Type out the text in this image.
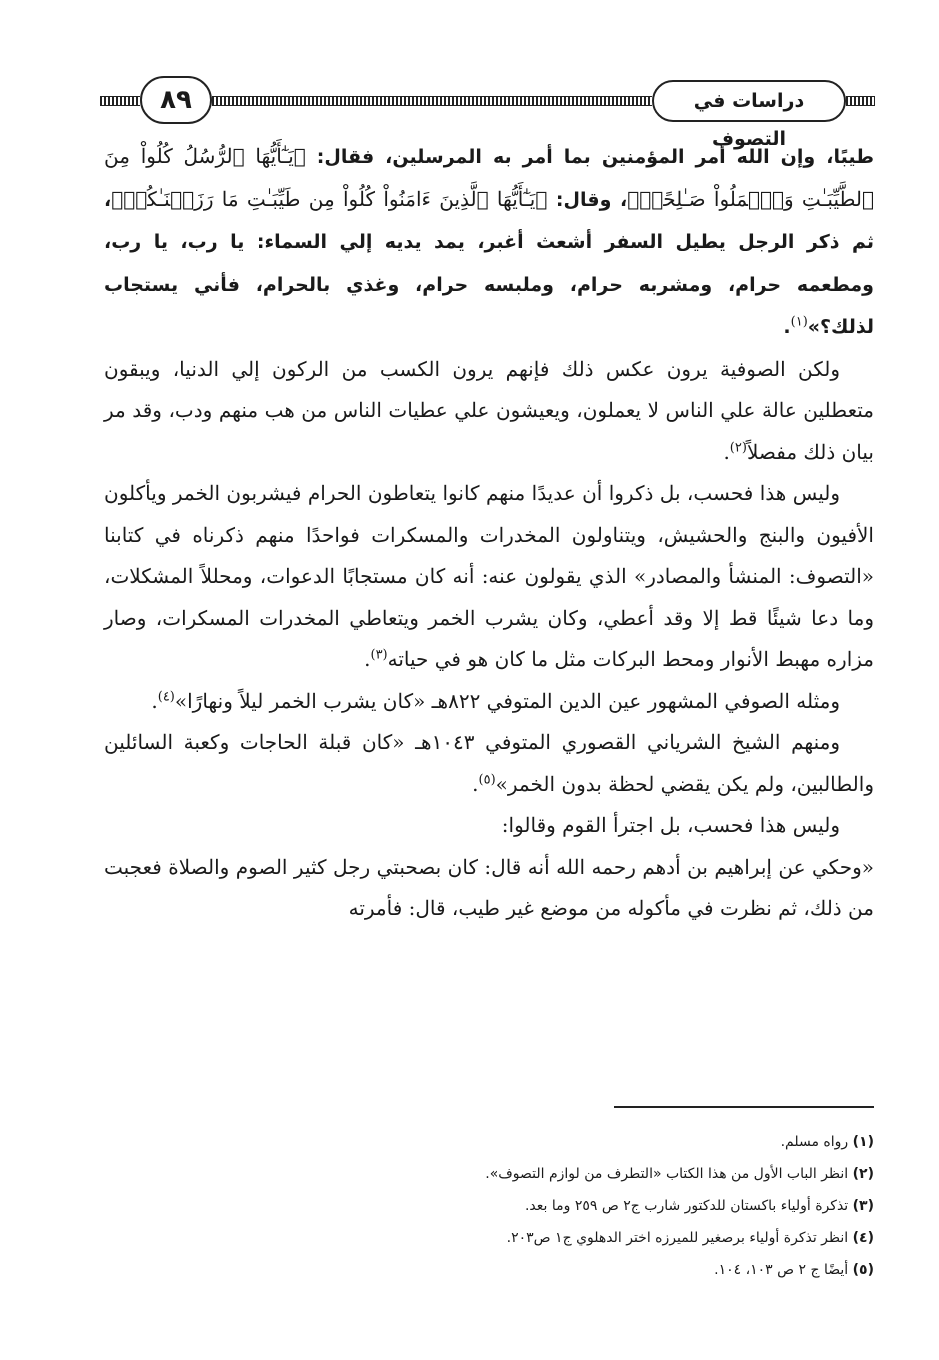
٨٩	دراسات في التصوف

طيبًا، وإن الله أمر المؤمنين بما أمر به المرسلين، فقال: ﴿يَـٰٓأَيُّهَا ٱلرُّسُلُ كُلُواْ مِنَ ٱلطَّيِّبَـٰتِ وَٱعۡمَلُواْ صَـٰلِحًاۖ﴾، وقال: ﴿يَـٰٓأَيُّهَا ٱلَّذِينَ ءَامَنُواْ كُلُواْ مِن طَيِّبَـٰتِ مَا رَزَقۡنَـٰكُمۡ﴾، ثم ذكر الرجل يطيل السفر أشعث أغبر، يمد يديه إلي السماء: يا رب، يا رب، ومطعمه حرام، ومشربه حرام، وملبسه حرام، وغذي بالحرام، فأني يستجاب لذلك؟»$^{(١)}$.

ولكن الصوفية يرون عكس ذلك فإنهم يرون الكسب من الركون إلي الدنيا، ويبقون متعطلين عالة علي الناس لا يعملون، ويعيشون علي عطيات الناس من هب منهم ودب، وقد مر بيان ذلك مفصلاً$^{(٢)}$.

وليس هذا فحسب، بل ذكروا أن عديدًا منهم كانوا يتعاطون الحرام فيشربون الخمر ويأكلون الأفيون والبنج والحشيش، ويتناولون المخدرات والمسكرات فواحدًا منهم ذكرناه في كتابنا «التصوف: المنشأ والمصادر» الذي يقولون عنه: أنه كان مستجابًا الدعوات، ومحللاً المشكلات، وما دعا شيئًا قط إلا وقد أعطي، وكان يشرب الخمر ويتعاطي المخدرات المسكرات، وصار مزاره مهبط الأنوار ومحط البركات مثل ما كان هو في حياته$^{(٣)}$.

ومثله الصوفي المشهور عين الدين المتوفي ٨٢٢هـ «كان يشرب الخمر ليلاً ونهارًا»$^{(٤)}$.

ومنهم الشيخ الشرياني القصوري المتوفي ١٠٤٣هـ «كان قبلة الحاجات وكعبة السائلين والطالبين، ولم يكن يقضي لحظة بدون الخمر»$^{(٥)}$.

وليس هذا فحسب، بل اجترأ القوم وقالوا:

«وحكي عن إبراهيم بن أدهم رحمه الله أنه قال: كان بصحبتي رجل كثير الصوم والصلاة فعجبت من ذلك، ثم نظرت في مأكوله من موضع غير طيب، قال: فأمرته

(١) رواه مسلم.
(٢) انظر الباب الأول من هذا الكتاب «التطرف من لوازم التصوف».
(٣) تذكرة أولياء باكستان للدكتور شارب ج٢ ص ٢٥٩ وما بعد.
(٤) انظر تذكرة أولياء برصغير للميرزه اختر الدهلوي ج١ ص٢٠٣.
(٥) أيضًا ج ٢ ص ١٠٣، ١٠٤.
